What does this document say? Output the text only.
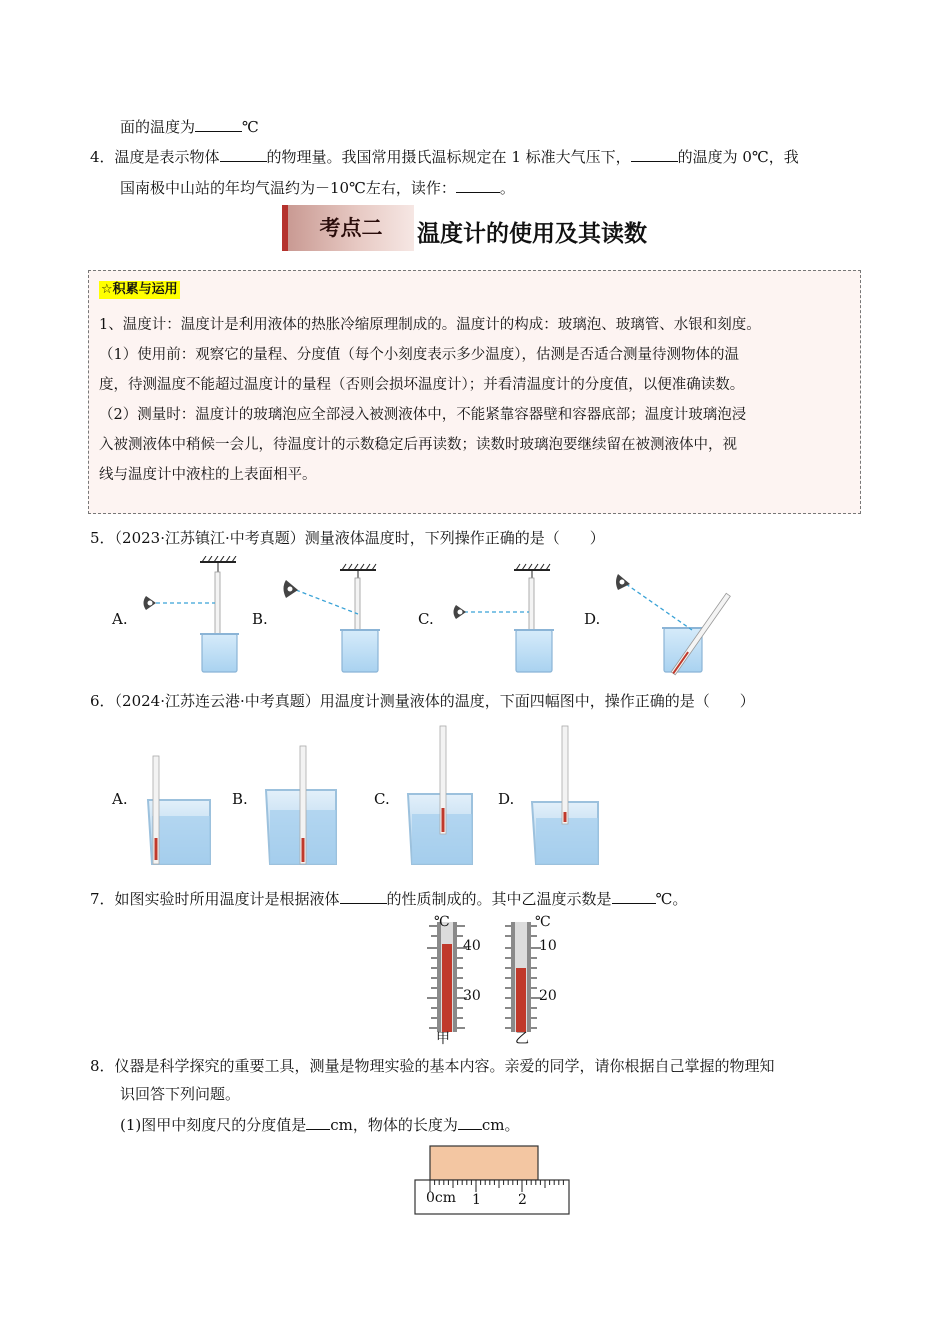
面的温度为	℃
4．温度是表示物体	的物理量。我国常用摄氏温标规定在 1 标准大气压下，	的温度为 0℃，我
国南极中山站的年均气温约为－10℃左右，读作：	。
考点二	温度计的使用及其读数
☆积累与运用

1、温度计：温度计是利用液体的热胀冷缩原理制成的。温度计的构成：玻璃泡、玻璃管、水银和刻度。

（1）使用前：观察它的量程、分度值（每个小刻度表示多少温度），估测是否适合测量待测物体的温

度，待测温度不能超过温度计的量程（否则会损坏温度计）；并看清温度计的分度值，以便准确读数。

（2）测量时：温度计的玻璃泡应全部浸入被测液体中，不能紧靠容器壁和容器底部；温度计玻璃泡浸

入被测液体中稍候一会儿，待温度计的示数稳定后再读数；读数时玻璃泡要继续留在被测液体中，视

线与温度计中液柱的上表面相平。

5．（2023·江苏镇江·中考真题）测量液体温度时，下列操作正确的是（　　）
A.	B.	C.	D.
6．（2024·江苏连云港·中考真题）用温度计测量液体的温度，下面四幅图中，操作正确的是（　　）
A.	B.	C.	D.
7．如图实验时所用温度计是根据液体	的性质制成的。其中乙温度示数是	℃。
℃
40
30
甲
℃
10
20
乙
8．仪器是科学探究的重要工具，测量是物理实验的基本内容。亲爱的同学，请你根据自己掌握的物理知
识回答下列问题。
(1)图甲中刻度尺的分度值是 cm，物体的长度为 cm。
0cm 1	2
